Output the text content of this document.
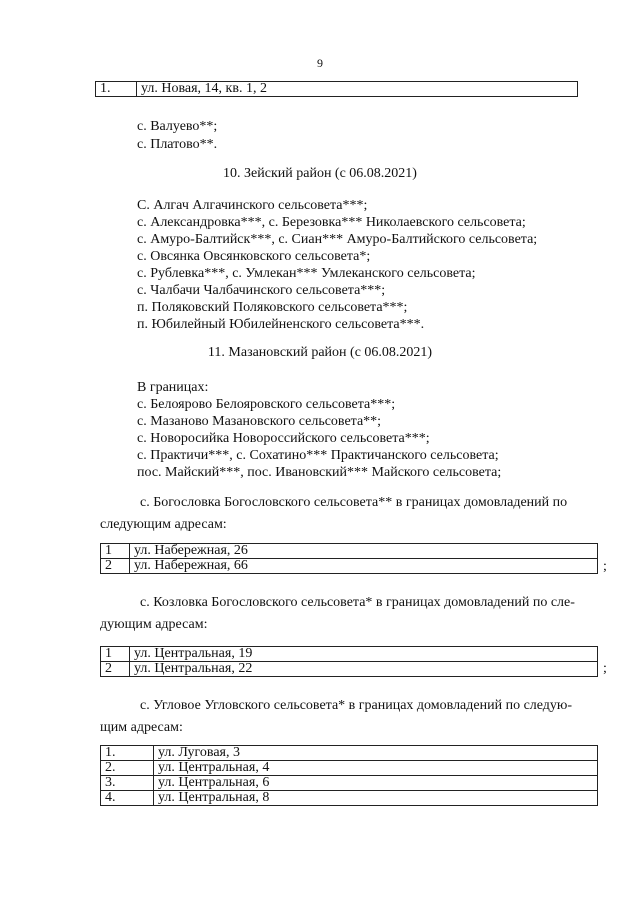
9
1.	ул. Новая, 14, кв. 1, 2
с. Валуево**;
с. Платово**.
10. Зейский район (с 06.08.2021)
С. Алгач Алгачинского сельсовета***;
с. Александровка***, с. Березовка*** Николаевского сельсовета;
с. Амуро-Балтийск***, с. Сиан*** Амуро-Балтийского сельсовета;
с. Овсянка Овсянковского сельсовета*;
с. Рублевка***, с. Умлекан*** Умлеканского сельсовета;
с. Чалбачи Чалбачинского сельсовета***;
п. Поляковский Поляковского сельсовета***;
п. Юбилейный Юбилейненского сельсовета***.
11. Мазановский район (с 06.08.2021)
В границах:
с. Белоярово Белояровского сельсовета***;
с. Мазаново Мазановского сельсовета**;
с. Новоросийка Новороссийского сельсовета***;
с. Практичи***, с. Сохатино*** Практичанского сельсовета;
пос. Майский***, пос. Ивановский*** Майского сельсовета;
с. Богословка Богословского сельсовета** в границах домовладений по
следующим адресам:
1	ул. Набережная, 26
2	ул. Набережная, 66	;
с. Козловка Богословского сельсовета* в границах домовладений по сле-
дующим адресам:
1	ул. Центральная, 19
2	ул. Центральная, 22	;
с. Угловое Угловского сельсовета* в границах домовладений по следую-
щим адресам:
1.	ул. Луговая, 3
2.	ул. Центральная, 4
3.	ул. Центральная, 6
4.	ул. Центральная, 8
